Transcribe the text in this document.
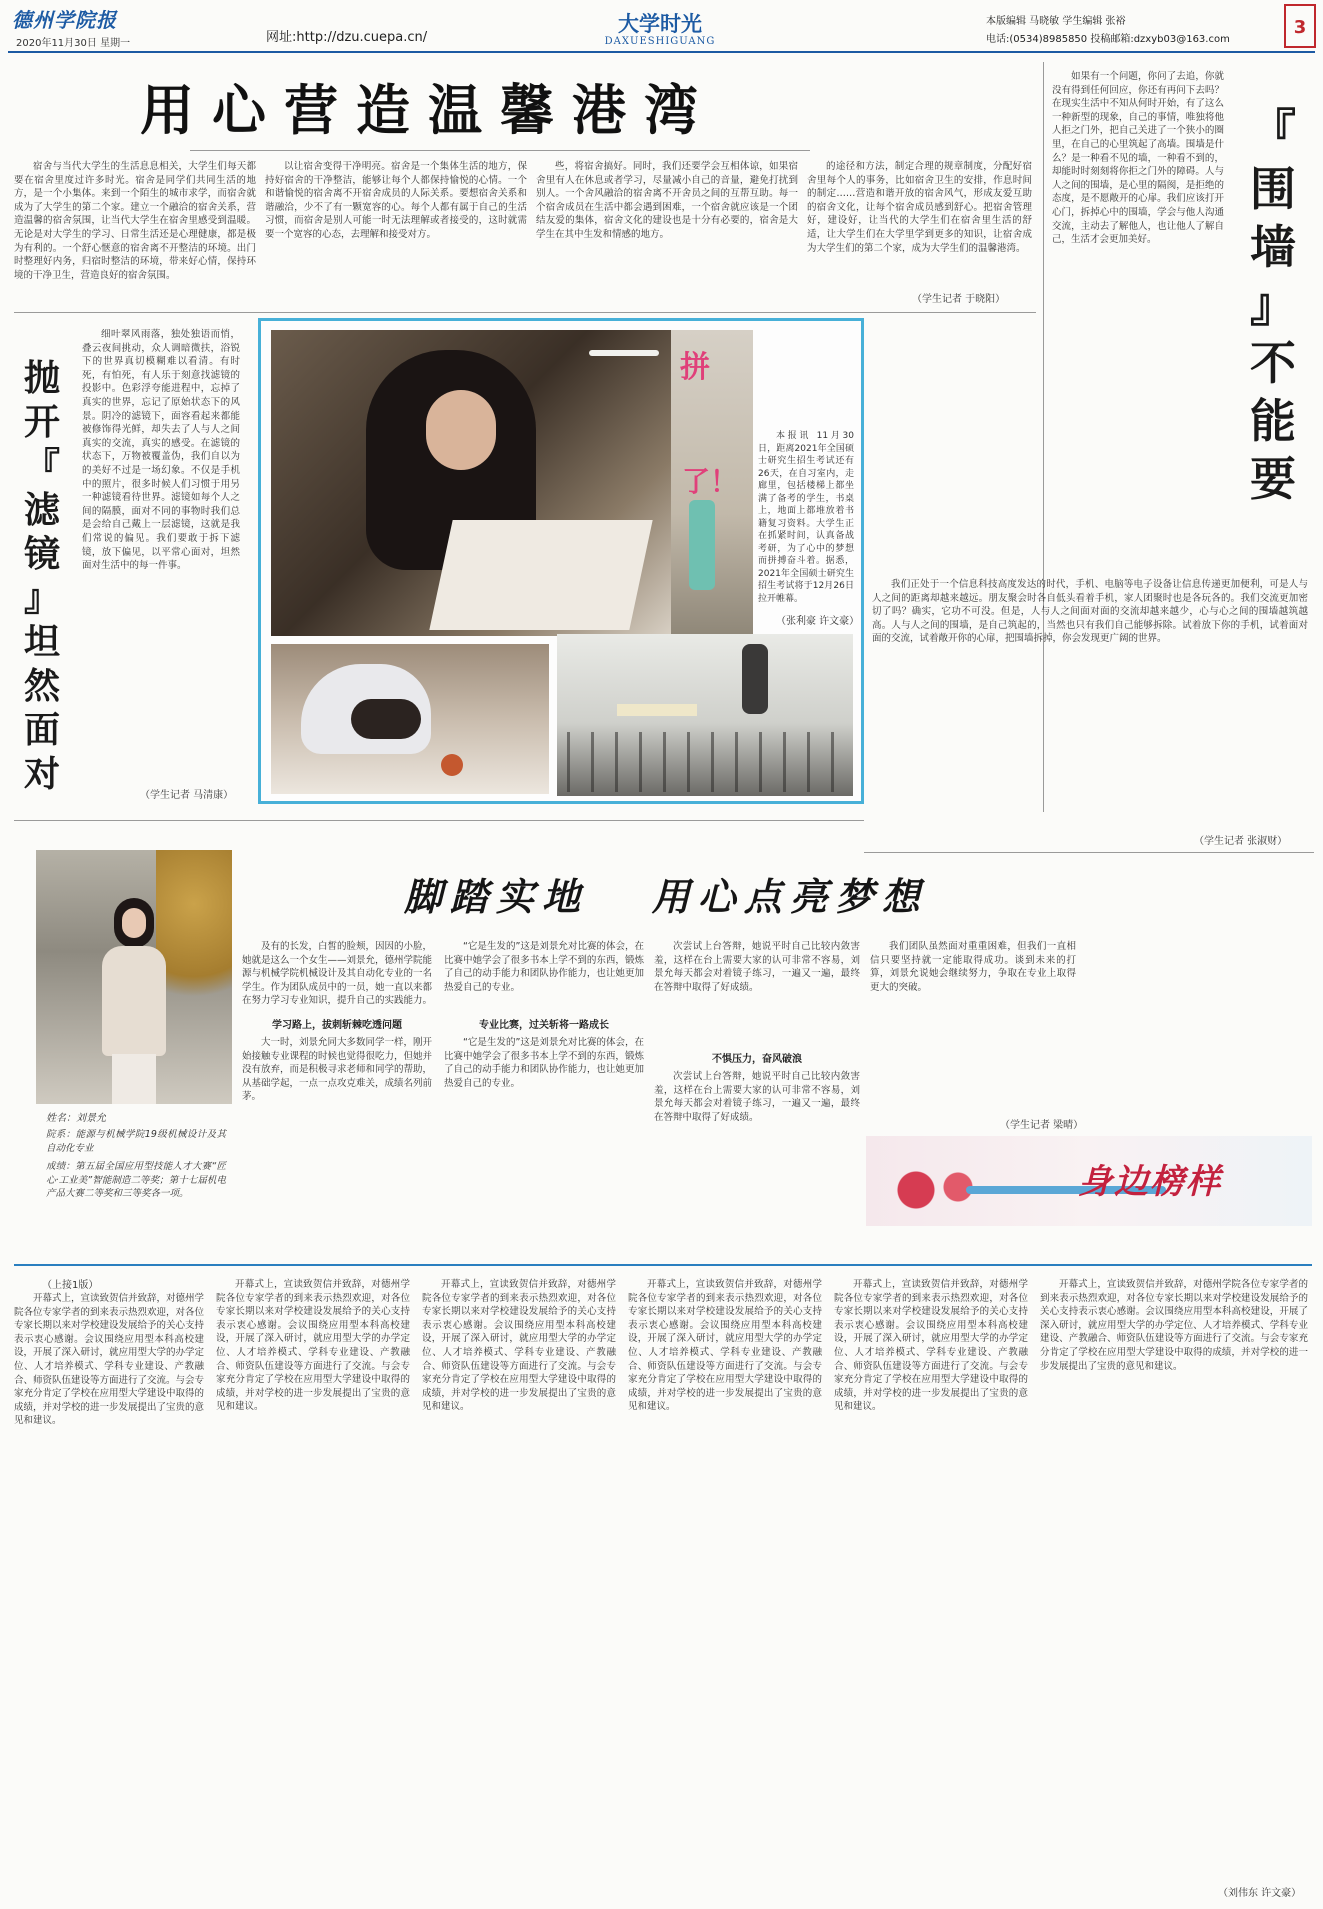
德州学院报
2020年11月30日 星期一	网址:http://dzu.cuepa.cn/
大学时光
DAXUESHIGUANG
本版编辑 马晓敏 学生编辑 张裕
电话:(0534)8985850 投稿邮箱:dzxyb03@163.com
3
用心营造温馨港湾

宿舍与当代大学生的生活息息相关，大学生们每天都要在宿舍里度过许多时光。宿舍是同学们共同生活的地方，是一个小集体。来到一个陌生的城市求学，而宿舍就成为了大学生的第二个家。建立一个融洽的宿舍关系，营造温馨的宿舍氛围，让当代大学生在宿舍里感受到温暖。无论是对大学生的学习、日常生活还是心理健康，都是极为有利的。一个舒心惬意的宿舍离不开整洁的环境。出门时整理好内务，归宿时整洁的环境，带来好心情，保持环境的干净卫生，营造良好的宿舍氛围。

以让宿舍变得干净明亮。宿舍是一个集体生活的地方，保持好宿舍的干净整洁，能够让每个人都保持愉悦的心情。一个和谐愉悦的宿舍离不开宿舍成员的人际关系。要想宿舍关系和谐融洽，少不了有一颗宽容的心。每个人都有属于自己的生活习惯，而宿舍是别人可能一时无法理解或者接受的，这时就需要一个宽容的心态，去理解和接受对方。

些，将宿舍搞好。同时，我们还要学会互相体谅，如果宿舍里有人在休息或者学习，尽量减小自己的音量，避免打扰到别人。一个舍风融洽的宿舍离不开舍员之间的互帮互助。每一个宿舍成员在生活中都会遇到困难，一个宿舍就应该是一个团结友爱的集体，宿舍文化的建设也是十分有必要的，宿舍是大学生在其中生发和情感的地方。

的途径和方法，制定合理的规章制度，分配好宿舍里每个人的事务，比如宿舍卫生的安排，作息时间的制定……营造和谐开放的宿舍风气，形成友爱互助的宿舍文化，让每个宿舍成员感到舒心。把宿舍管理好，建设好，让当代的大学生们在宿舍里生活的舒适，让大学生们在大学里学到更多的知识，让宿舍成为大学生们的第二个家，成为大学生们的温馨港湾。

（学生记者 于晓阳）
抛
开
『
滤
镜
』
坦
然
面
对

细叶翠风雨落，独处独语而悄，叠云夜间挑动，众人调暗微扶，浴锐下的世界真切模糊难以看清。有时死，有怕死，有人乐于刻意找滤镜的投影中。色彩浮夸能进程中，忘掉了真实的世界，忘记了原始状态下的风景。阴冷的滤镜下，面容看起来都能被修饰得光鲜，却失去了人与人之间真实的交流，真实的感受。在滤镜的状态下，万物被覆盖伪，我们自以为的美好不过是一场幻象。不仅是手机中的照片，很多时候人们习惯于用另一种滤镜看待世界。滤镜如每个人之间的隔膜，面对不同的事物时我们总是会给自己戴上一层滤镜，这就是我们常说的偏见。我们要敢于拆下滤镜，放下偏见，以平常心面对，坦然面对生活中的每一件事。

（学生记者 马清康）
拼
了！

本报讯 11月30日，距离2021年全国硕士研究生招生考试还有26天，在自习室内，走廊里，包括楼梯上都坐满了备考的学生，书桌上，地面上都堆放着书籍复习资料。大学生正在抓紧时间，认真备战考研，为了心中的梦想而拼搏奋斗着。据悉，2021年全国硕士研究生招生考试将于12月26日拉开帷幕。

（张利豪 许文豪）
『
围
墙
』
不
能
要

如果有一个问题，你问了去追，你就没有得到任何回应，你还有再问下去吗？在现实生活中不知从何时开始，有了这么一种新型的现象，自己的事情，唯独将他人拒之门外，把自己关进了一个狭小的圈里，在自己的心里筑起了高墙。围墙是什么？是一种看不见的墙，一种看不到的，却能时时刻刻将你拒之门外的障碍。人与人之间的围墙，是心里的隔阂，是拒绝的态度，是不愿敞开的心扉。我们应该打开心门，拆掉心中的围墙，学会与他人沟通交流，主动去了解他人，也让他人了解自己，生活才会更加美好。

我们正处于一个信息科技高度发达的时代，手机、电脑等电子设备让信息传递更加便利，可是人与人之间的距离却越来越远。朋友聚会时各自低头看着手机，家人团聚时也是各玩各的。我们交流更加密切了吗？确实，它功不可没。但是，人与人之间面对面的交流却越来越少，心与心之间的围墙越筑越高。人与人之间的围墙，是自己筑起的，当然也只有我们自己能够拆除。试着放下你的手机，试着面对面的交流，试着敞开你的心扉，把围墙拆掉，你会发现更广阔的世界。

（学生记者 张淑财）

姓名：刘景允

院系：能源与机械学院19级机械设计及其自动化专业

成绩：第五届全国应用型技能人才大赛“匠心·工业美”智能制造二等奖；第十七届机电产品大赛二等奖和三等奖各一项。

脚踏实地   用心点亮梦想

及有的长发，白皙的脸颊，因因的小脸，她就是这么一个女生——刘景允，德州学院能源与机械学院机械设计及其自动化专业的一名学生。作为团队成员中的一员，她一直以来都在努力学习专业知识，提升自己的实践能力。

学习路上，拔刺斩棘吃透问题

大一时，刘景允同大多数同学一样，刚开始接触专业课程的时候也觉得很吃力，但她并没有放弃，而是积极寻求老师和同学的帮助，从基础学起，一点一点攻克难关，成绩名列前茅。

专业比赛，过关斩将一路成长

“它是生发的”这是刘景允对比赛的体会，在比赛中她学会了很多书本上学不到的东西，锻炼了自己的动手能力和团队协作能力，也让她更加热爱自己的专业。

“它是生发的”这是刘景允对比赛的体会，在比赛中她学会了很多书本上学不到的东西，锻炼了自己的动手能力和团队协作能力，也让她更加热爱自己的专业。

次尝试上台答辩，她说平时自己比较内敛害羞，这样在台上需要大家的认可非常不容易，刘景允每天都会对着镜子练习，一遍又一遍，最终在答辩中取得了好成绩。

不惧压力，奋风破浪

次尝试上台答辩，她说平时自己比较内敛害羞，这样在台上需要大家的认可非常不容易，刘景允每天都会对着镜子练习，一遍又一遍，最终在答辩中取得了好成绩。

我们团队虽然面对重重困难，但我们一直相信只要坚持就一定能取得成功。谈到未来的打算，刘景允说她会继续努力，争取在专业上取得更大的突破。

（学生记者 梁晴）
身边榜样
（上接1版）

开幕式上，宣读致贺信并致辞，对德州学院各位专家学者的到来表示热烈欢迎，对各位专家长期以来对学校建设发展给予的关心支持表示衷心感谢。会议围绕应用型本科高校建设，开展了深入研讨，就应用型大学的办学定位、人才培养模式、学科专业建设、产教融合、师资队伍建设等方面进行了交流。与会专家充分肯定了学校在应用型大学建设中取得的成绩，并对学校的进一步发展提出了宝贵的意见和建议。

开幕式上，宣读致贺信并致辞，对德州学院各位专家学者的到来表示热烈欢迎，对各位专家长期以来对学校建设发展给予的关心支持表示衷心感谢。会议围绕应用型本科高校建设，开展了深入研讨，就应用型大学的办学定位、人才培养模式、学科专业建设、产教融合、师资队伍建设等方面进行了交流。与会专家充分肯定了学校在应用型大学建设中取得的成绩，并对学校的进一步发展提出了宝贵的意见和建议。

开幕式上，宣读致贺信并致辞，对德州学院各位专家学者的到来表示热烈欢迎，对各位专家长期以来对学校建设发展给予的关心支持表示衷心感谢。会议围绕应用型本科高校建设，开展了深入研讨，就应用型大学的办学定位、人才培养模式、学科专业建设、产教融合、师资队伍建设等方面进行了交流。与会专家充分肯定了学校在应用型大学建设中取得的成绩，并对学校的进一步发展提出了宝贵的意见和建议。

开幕式上，宣读致贺信并致辞，对德州学院各位专家学者的到来表示热烈欢迎，对各位专家长期以来对学校建设发展给予的关心支持表示衷心感谢。会议围绕应用型本科高校建设，开展了深入研讨，就应用型大学的办学定位、人才培养模式、学科专业建设、产教融合、师资队伍建设等方面进行了交流。与会专家充分肯定了学校在应用型大学建设中取得的成绩，并对学校的进一步发展提出了宝贵的意见和建议。

开幕式上，宣读致贺信并致辞，对德州学院各位专家学者的到来表示热烈欢迎，对各位专家长期以来对学校建设发展给予的关心支持表示衷心感谢。会议围绕应用型本科高校建设，开展了深入研讨，就应用型大学的办学定位、人才培养模式、学科专业建设、产教融合、师资队伍建设等方面进行了交流。与会专家充分肯定了学校在应用型大学建设中取得的成绩，并对学校的进一步发展提出了宝贵的意见和建议。

开幕式上，宣读致贺信并致辞，对德州学院各位专家学者的到来表示热烈欢迎，对各位专家长期以来对学校建设发展给予的关心支持表示衷心感谢。会议围绕应用型本科高校建设，开展了深入研讨，就应用型大学的办学定位、人才培养模式、学科专业建设、产教融合、师资队伍建设等方面进行了交流。与会专家充分肯定了学校在应用型大学建设中取得的成绩，并对学校的进一步发展提出了宝贵的意见和建议。

（刘伟东 许文豪）
